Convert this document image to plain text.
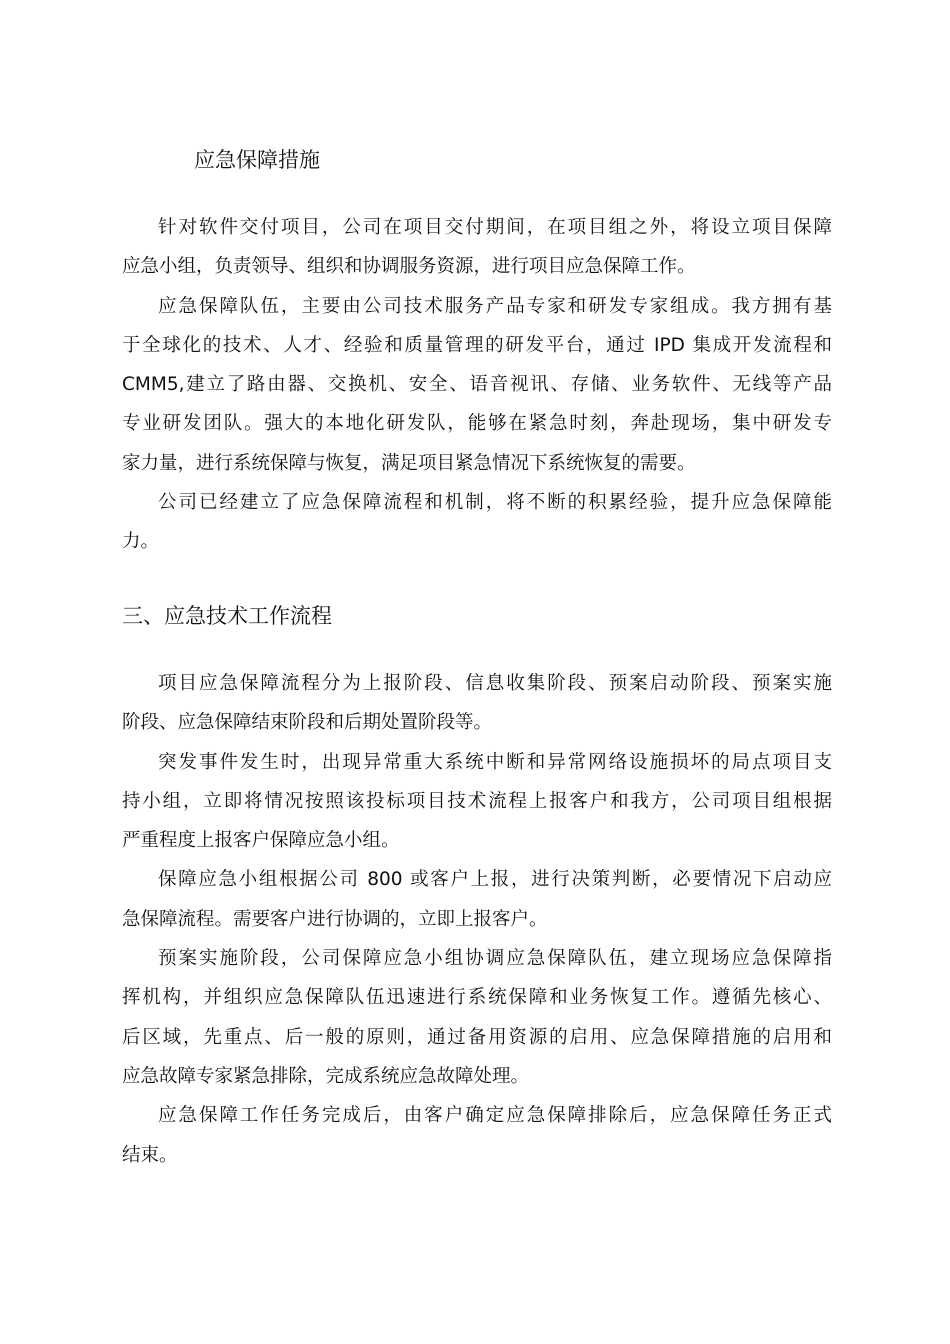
应急保障措施
针对软件交付项目，公司在项目交付期间，在项目组之外，将设立项目保障
应急小组，负责领导、组织和协调服务资源，进行项目应急保障工作。
应急保障队伍，主要由公司技术服务产品专家和研发专家组成。我方拥有基
于全球化的技术、人才、经验和质量管理的研发平台，通过 IPD 集成开发流程和
CMM5,建立了路由器、交换机、安全、语音视讯、存储、业务软件、无线等产品
专业研发团队。强大的本地化研发队，能够在紧急时刻，奔赴现场，集中研发专
家力量，进行系统保障与恢复，满足项目紧急情况下系统恢复的需要。
公司已经建立了应急保障流程和机制，将不断的积累经验，提升应急保障能
力。
三、应急技术工作流程
项目应急保障流程分为上报阶段、信息收集阶段、预案启动阶段、预案实施
阶段、应急保障结束阶段和后期处置阶段等。
突发事件发生时，出现异常重大系统中断和异常网络设施损坏的局点项目支
持小组，立即将情况按照该投标项目技术流程上报客户和我方，公司项目组根据
严重程度上报客户保障应急小组。
保障应急小组根据公司 800 或客户上报，进行决策判断，必要情况下启动应
急保障流程。需要客户进行协调的，立即上报客户。
预案实施阶段，公司保障应急小组协调应急保障队伍，建立现场应急保障指
挥机构，并组织应急保障队伍迅速进行系统保障和业务恢复工作。遵循先核心、
后区域，先重点、后一般的原则，通过备用资源的启用、应急保障措施的启用和
应急故障专家紧急排除，完成系统应急故障处理。
应急保障工作任务完成后，由客户确定应急保障排除后，应急保障任务正式
结束。
